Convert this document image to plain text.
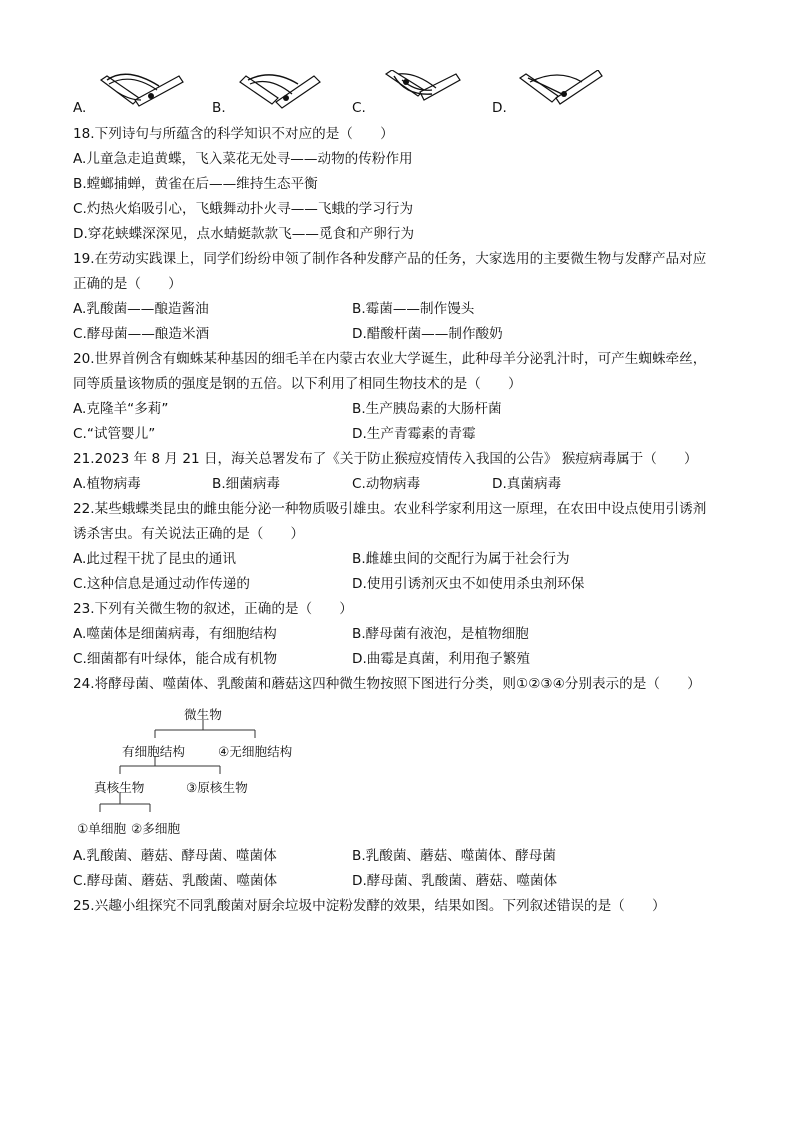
A.	B.	C.	D.
18.下列诗句与所蕴含的科学知识不对应的是（　　）
A.儿童急走追黄蝶，飞入菜花无处寻——动物的传粉作用
B.螳螂捕蝉，黄雀在后——维持生态平衡
C.灼热火焰吸引心，飞蛾舞动扑火寻——飞蛾的学习行为
D.穿花蛱蝶深深见，点水蜻蜓款款飞——觅食和产卵行为
19.在劳动实践课上，同学们纷纷申领了制作各种发酵产品的任务，大家选用的主要微生物与发酵产品对应
正确的是（　　）
A.乳酸菌——酿造酱油	B.霉菌——制作馒头
C.酵母菌——酿造米酒	D.醋酸杆菌——制作酸奶
20.世界首例含有蜘蛛某种基因的细毛羊在内蒙古农业大学诞生，此种母羊分泌乳汁时，可产生蜘蛛牵丝，
同等质量该物质的强度是钢的五倍。以下利用了相同生物技术的是（　　）
A.克隆羊“多莉”	B.生产胰岛素的大肠杆菌
C.“试管婴儿”	D.生产青霉素的青霉
21.2023 年 8 月 21 日，海关总署发布了《关于防止猴痘疫情传入我国的公告》 猴痘病毒属于（　　）
A.植物病毒	B.细菌病毒	C.动物病毒	D.真菌病毒
22.某些蛾蝶类昆虫的雌虫能分泌一种物质吸引雄虫。农业科学家利用这一原理，在农田中设点使用引诱剂
诱杀害虫。有关说法正确的是（　　）
A.此过程干扰了昆虫的通讯	B.雌雄虫间的交配行为属于社会行为
C.这种信息是通过动作传递的	D.使用引诱剂灭虫不如使用杀虫剂环保
23.下列有关微生物的叙述，正确的是（　　）
A.噬菌体是细菌病毒，有细胞结构	B.酵母菌有液泡，是植物细胞
C.细菌都有叶绿体，能合成有机物	D.曲霉是真菌，利用孢子繁殖
24.将酵母菌、噬菌体、乳酸菌和蘑菇这四种微生物按照下图进行分类，则①②③④分别表示的是（　　）
微生物
有细胞结构	④无细胞结构
真核生物	③原核生物
①单细胞 ②多细胞
A.乳酸菌、蘑菇、酵母菌、噬菌体	B.乳酸菌、蘑菇、噬菌体、酵母菌
C.酵母菌、蘑菇、乳酸菌、噬菌体	D.酵母菌、乳酸菌、蘑菇、噬菌体
25.兴趣小组探究不同乳酸菌对厨余垃圾中淀粉发酵的效果，结果如图。下列叙述错误的是（　　）
